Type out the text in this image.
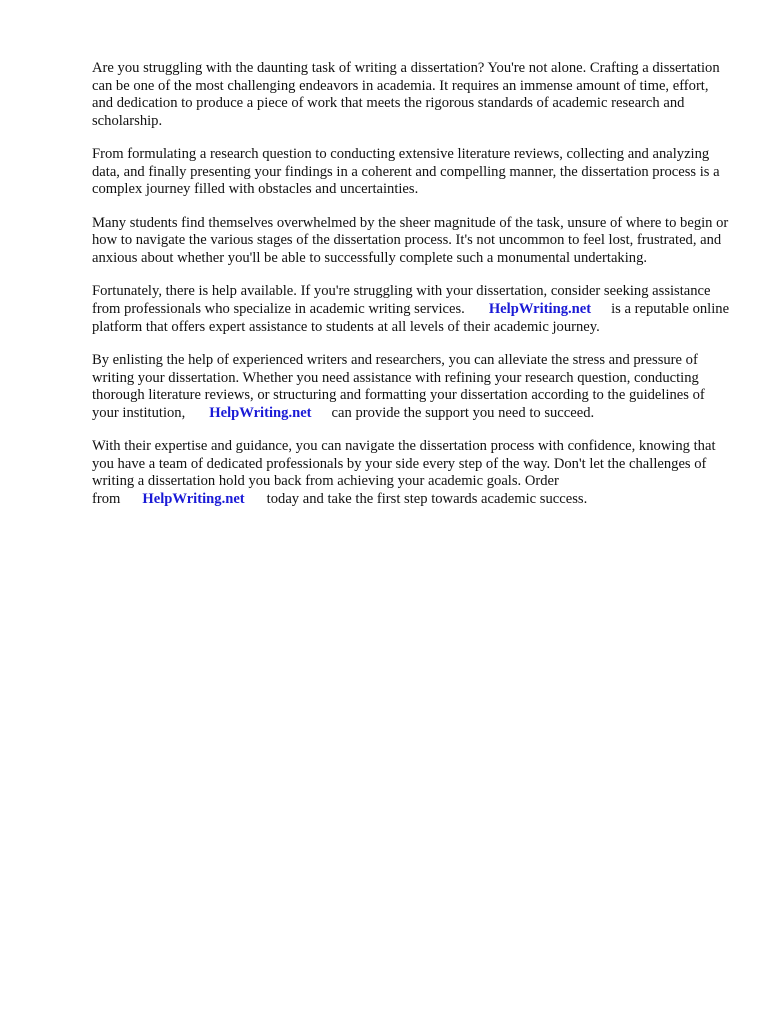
Are you struggling with the daunting task of writing a dissertation? You're not alone. Crafting a dissertation can be one of the most challenging endeavors in academia. It requires an immense amount of time, effort, and dedication to produce a piece of work that meets the rigorous standards of academic research and scholarship.

From formulating a research question to conducting extensive literature reviews, collecting and analyzing data, and finally presenting your findings in a coherent and compelling manner, the dissertation process is a complex journey filled with obstacles and uncertainties.

Many students find themselves overwhelmed by the sheer magnitude of the task, unsure of where to begin or how to navigate the various stages of the dissertation process. It's not uncommon to feel lost, frustrated, and anxious about whether you'll be able to successfully complete such a monumental undertaking.

Fortunately, there is help available. If you're struggling with your dissertation, consider seeking assistance from professionals who specialize in academic writing services. HelpWriting.net is a reputable online platform that offers expert assistance to students at all levels of their academic journey.

By enlisting the help of experienced writers and researchers, you can alleviate the stress and pressure of writing your dissertation. Whether you need assistance with refining your research question, conducting thorough literature reviews, or structuring and formatting your dissertation according to the guidelines of your institution, HelpWriting.net can provide the support you need to succeed.

With their expertise and guidance, you can navigate the dissertation process with confidence, knowing that you have a team of dedicated professionals by your side every step of the way. Don't let the challenges of writing a dissertation hold you back from achieving your academic goals. Order from HelpWriting.net today and take the first step towards academic success.
